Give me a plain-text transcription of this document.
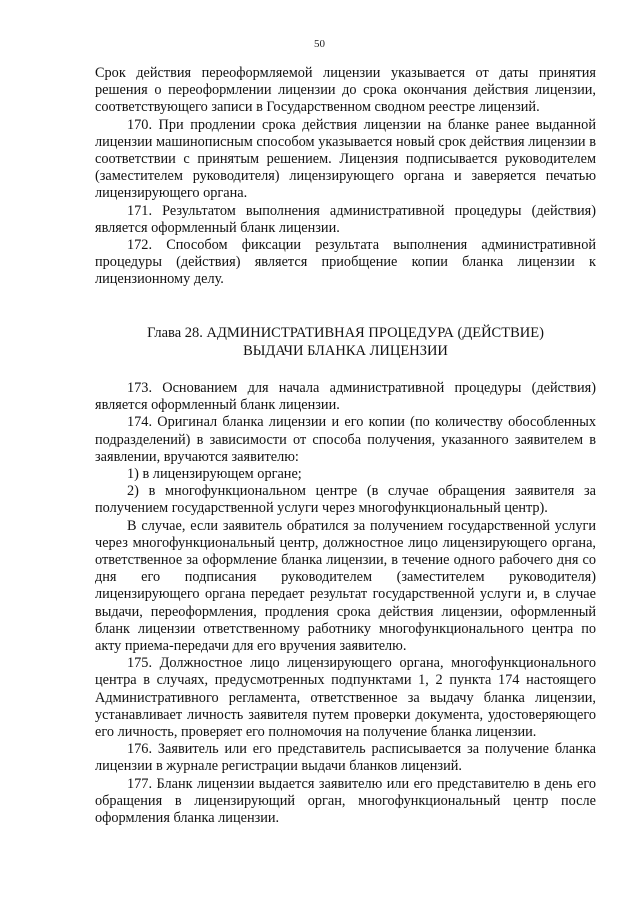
50

Срок действия переоформляемой лицензии указывается от даты принятия решения о переоформлении лицензии до срока окончания действия лицензии, соответствующего записи в Государственном сводном реестре лицензий.

170. При продлении срока действия лицензии на бланке ранее выданной лицензии машинописным способом указывается новый срок действия лицензии в соответствии с принятым решением. Лицензия подписывается руководителем (заместителем руководителя) лицензирующего органа и заверяется печатью лицензирующего органа.

171. Результатом выполнения административной процедуры (действия) является оформленный бланк лицензии.

172. Способом фиксации результата выполнения административной процедуры (действия) является приобщение копии бланка лицензии к лицензионному делу.

Глава 28. АДМИНИСТРАТИВНАЯ ПРОЦЕДУРА (ДЕЙСТВИЕ)
ВЫДАЧИ БЛАНКА ЛИЦЕНЗИИ

173. Основанием для начала административной процедуры (действия) является оформленный бланк лицензии.

174. Оригинал бланка лицензии и его копии (по количеству обособленных подразделений) в зависимости от способа получения, указанного заявителем в заявлении, вручаются заявителю:

1) в лицензирующем органе;

2) в многофункциональном центре (в случае обращения заявителя за получением государственной услуги через многофункциональный центр).

В случае, если заявитель обратился за получением государственной услуги через многофункциональный центр, должностное лицо лицензирующего органа, ответственное за оформление бланка лицензии, в течение одного рабочего дня со дня его подписания руководителем (заместителем руководителя) лицензирующего органа передает результат государственной услуги и, в случае выдачи, переоформления, продления срока действия лицензии, оформленный бланк лицензии ответственному работнику многофункционального центра по акту приема-передачи для его вручения заявителю.

175. Должностное лицо лицензирующего органа, многофункционального центра в случаях, предусмотренных подпунктами 1, 2 пункта 174 настоящего Административного регламента, ответственное за выдачу бланка лицензии, устанавливает личность заявителя путем проверки документа, удостоверяющего его личность, проверяет его полномочия на получение бланка лицензии.

176. Заявитель или его представитель расписывается за получение бланка лицензии в журнале регистрации выдачи бланков лицензий.

177. Бланк лицензии выдается заявителю или его представителю в день его обращения в лицензирующий орган, многофункциональный центр после оформления бланка лицензии.
